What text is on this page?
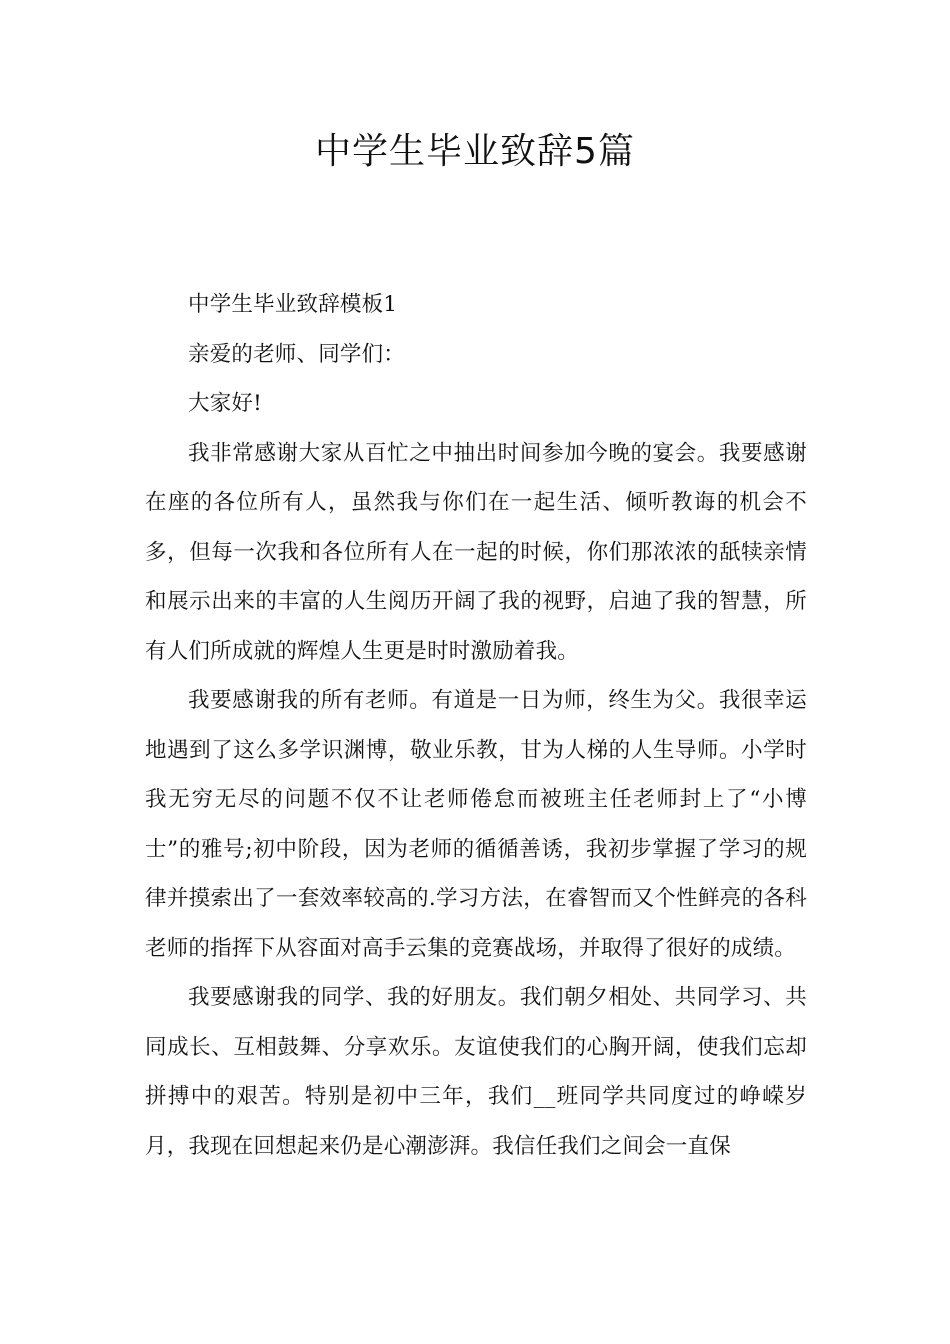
中学生毕业致辞5篇

中学生毕业致辞模板1

亲爱的老师、同学们：

大家好!

我非常感谢大家从百忙之中抽出时间参加今晚的宴会。我要感谢在座的各位所有人，虽然我与你们在一起生活、倾听教诲的机会不多，但每一次我和各位所有人在一起的时候，你们那浓浓的舐犊亲情和展示出来的丰富的人生阅历开阔了我的视野，启迪了我的智慧，所有人们所成就的辉煌人生更是时时激励着我。

我要感谢我的所有老师。有道是一日为师，终生为父。我很幸运地遇到了这么多学识渊博，敬业乐教，甘为人梯的人生导师。小学时我无穷无尽的问题不仅不让老师倦怠而被班主任老师封上了“小博士”的雅号;初中阶段，因为老师的循循善诱，我初步掌握了学习的规律并摸索出了一套效率较高的.学习方法，在睿智而又个性鲜亮的各科老师的指挥下从容面对高手云集的竞赛战场，并取得了很好的成绩。

我要感谢我的同学、我的好朋友。我们朝夕相处、共同学习、共同成长、互相鼓舞、分享欢乐。友谊使我们的心胸开阔，使我们忘却拼搏中的艰苦。特别是初中三年，我们__班同学共同度过的峥嵘岁月，我现在回想起来仍是心潮澎湃。我信任我们之间会一直保
